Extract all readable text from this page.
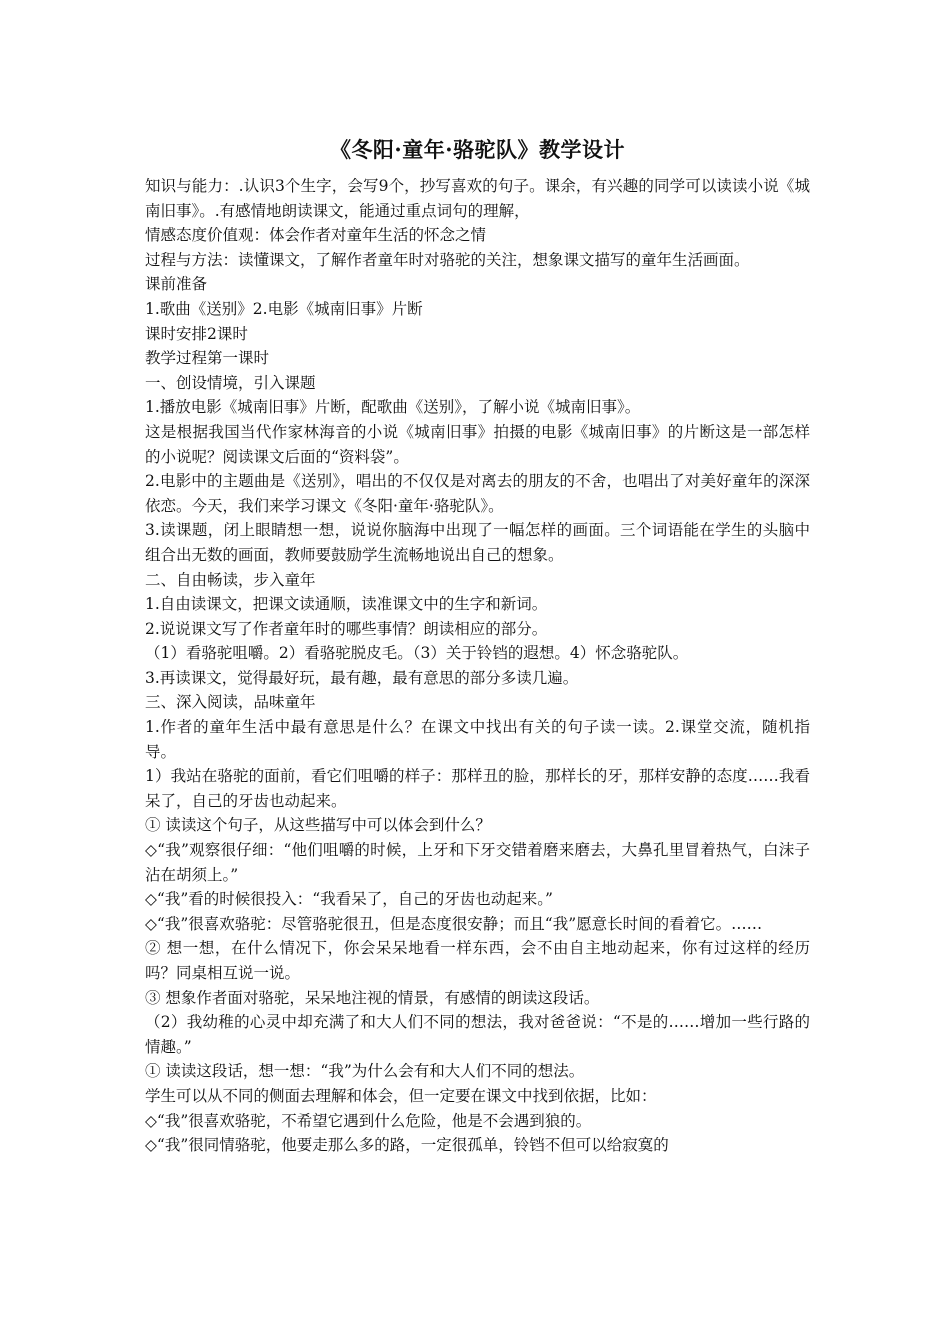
《冬阳·童年·骆驼队》教学设计

知识与能力：.认识3个生字，会写9个，抄写喜欢的句子。课余，有兴趣的同学可以读读小说《城南旧事》。.有感情地朗读课文，能通过重点词句的理解，

情感态度价值观：体会作者对童年生活的怀念之情

过程与方法：读懂课文，了解作者童年时对骆驼的关注，想象课文描写的童年生活画面。

课前准备

1.歌曲《送别》2.电影《城南旧事》片断

课时安排2课时

教学过程第一课时

一、创设情境，引入课题

1.播放电影《城南旧事》片断，配歌曲《送别》，了解小说《城南旧事》。

这是根据我国当代作家林海音的小说《城南旧事》拍摄的电影《城南旧事》的片断这是一部怎样的小说呢？阅读课文后面的“资料袋”。

2.电影中的主题曲是《送别》，唱出的不仅仅是对离去的朋友的不舍，也唱出了对美好童年的深深依恋。今天，我们来学习课文《冬阳·童年·骆驼队》。

3.读课题，闭上眼睛想一想，说说你脑海中出现了一幅怎样的画面。三个词语能在学生的头脑中组合出无数的画面，教师要鼓励学生流畅地说出自己的想象。

二、自由畅读，步入童年

1.自由读课文，把课文读通顺，读准课文中的生字和新词。

2.说说课文写了作者童年时的哪些事情？朗读相应的部分。

（1）看骆驼咀嚼。2）看骆驼脱皮毛。（3）关于铃铛的遐想。4）怀念骆驼队。

3.再读课文，觉得最好玩，最有趣，最有意思的部分多读几遍。

三、深入阅读，品味童年

1.作者的童年生活中最有意思是什么？在课文中找出有关的句子读一读。2.课堂交流，随机指导。

1）我站在骆驼的面前，看它们咀嚼的样子：那样丑的脸，那样长的牙，那样安静的态度……我看呆了，自己的牙齿也动起来。

① 读读这个句子，从这些描写中可以体会到什么？

◇“我”观察很仔细：“他们咀嚼的时候，上牙和下牙交错着磨来磨去，大鼻孔里冒着热气，白沫子沾在胡须上。”

◇“我”看的时候很投入：“我看呆了，自己的牙齿也动起来。”

◇“我”很喜欢骆驼：尽管骆驼很丑，但是态度很安静；而且“我”愿意长时间的看着它。……

② 想一想，在什么情况下，你会呆呆地看一样东西，会不由自主地动起来，你有过这样的经历吗？同桌相互说一说。

③ 想象作者面对骆驼，呆呆地注视的情景，有感情的朗读这段话。

（2）我幼稚的心灵中却充满了和大人们不同的想法，我对爸爸说：“不是的……增加一些行路的情趣。”

① 读读这段话，想一想：“我”为什么会有和大人们不同的想法。

学生可以从不同的侧面去理解和体会，但一定要在课文中找到依据，比如：

◇“我”很喜欢骆驼，不希望它遇到什么危险，他是不会遇到狼的。

◇“我”很同情骆驼，他要走那么多的路，一定很孤单，铃铛不但可以给寂寞的
